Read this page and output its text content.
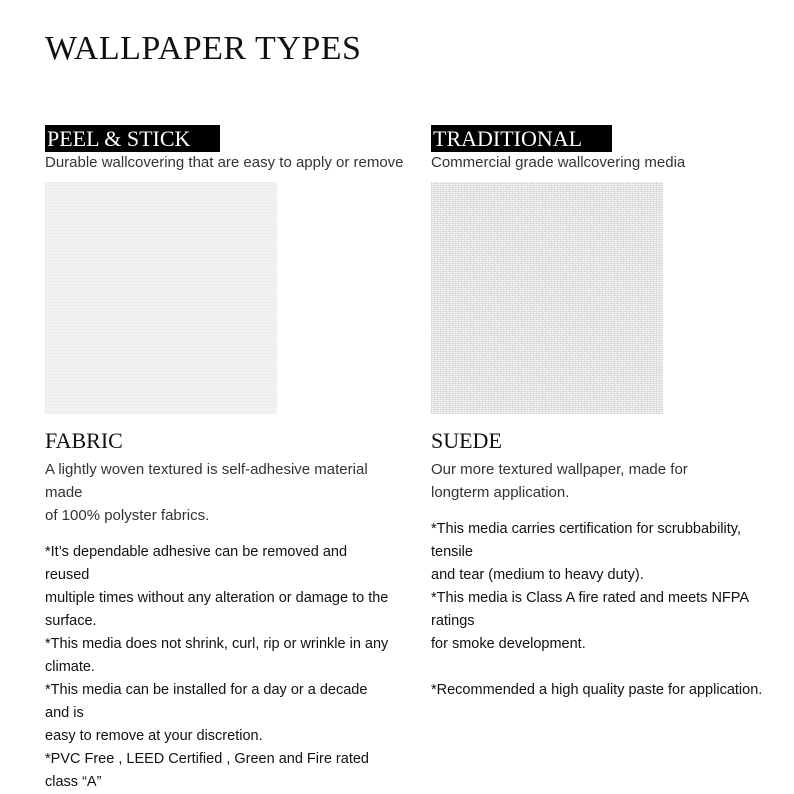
WALLPAPER TYPES
PEEL & STICK
Durable wallcovering that are easy to apply or remove
FABRIC
A lightly woven textured is self-adhesive material made
of 100% polyster fabrics.
*It’s dependable adhesive can be removed and reused
multiple times without any alteration or damage to the
surface.
*This media does not shrink, curl, rip or wrinkle in any
climate.
*This media can be installed for a day or a decade and is
easy to remove at your discretion.
*PVC Free , LEED Certified , Green and Fire rated class “A”
TRADITIONAL
Commercial grade wallcovering media
SUEDE
Our more textured wallpaper, made for
longterm application.
*This media carries certification for scrubbability, tensile
and tear (medium to heavy duty).
*This media is Class A fire rated and meets NFPA ratings
for smoke development.
*Recommended a high quality paste for application.
